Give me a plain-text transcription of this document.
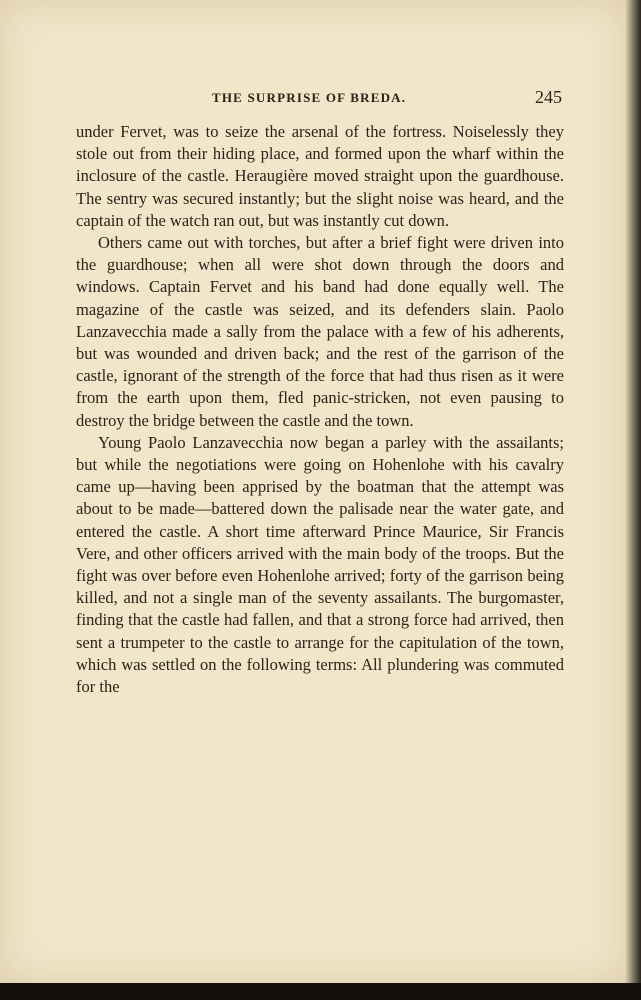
THE SURPRISE OF BREDA.	245

under Fervet, was to seize the arsenal of the fortress. Noiselessly they stole out from their hiding place, and formed upon the wharf within the inclosure of the castle. Heraugière moved straight upon the guardhouse. The sentry was secured instantly; but the slight noise was heard, and the captain of the watch ran out, but was instantly cut down.

Others came out with torches, but after a brief fight were driven into the guardhouse; when all were shot down through the doors and windows. Captain Fervet and his band had done equally well. The magazine of the castle was seized, and its defenders slain. Paolo Lanzavecchia made a sally from the palace with a few of his adherents, but was wounded and driven back; and the rest of the garrison of the castle, ignorant of the strength of the force that had thus risen as it were from the earth upon them, fled panic-stricken, not even pausing to destroy the bridge between the castle and the town.

Young Paolo Lanzavecchia now began a parley with the assailants; but while the negotiations were going on Hohenlohe with his cavalry came up—having been apprised by the boatman that the attempt was about to be made—battered down the palisade near the water gate, and entered the castle. A short time afterward Prince Maurice, Sir Francis Vere, and other officers arrived with the main body of the troops. But the fight was over before even Hohenlohe arrived; forty of the garrison being killed, and not a single man of the seventy assailants. The burgomaster, finding that the castle had fallen, and that a strong force had arrived, then sent a trumpeter to the castle to arrange for the capitulation of the town, which was settled on the following terms: All plundering was commuted for the
